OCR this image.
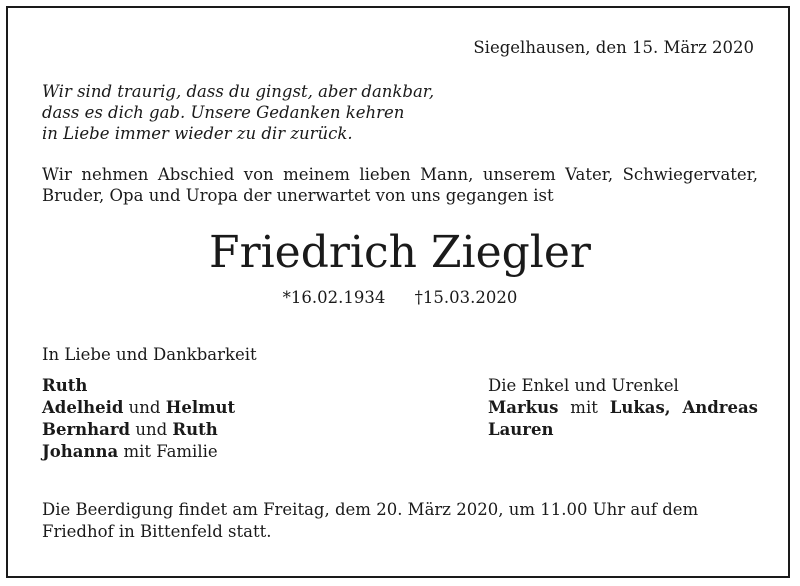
Siegelhausen, den 15. März 2020
Wir sind traurig, dass du gingst, aber dankbar,
dass es dich gab. Unsere Gedanken kehren
in Liebe immer wieder zu dir zurück.
Wir nehmen Abschied von meinem lieben Mann, unserem Vater, Schwiegervater,
Bruder, Opa und Uropa der unerwartet von uns gegangen ist
Friedrich Ziegler
*16.02.1934 †15.03.2020
In Liebe und Dankbarkeit
Ruth
Adelheid und Helmut
Bernhard und Ruth
Johanna mit Familie
Die Enkel und Urenkel
Markus mit Lukas, Andreas
Lauren
Die Beerdigung findet am Freitag, dem 20. März 2020, um 11.00 Uhr auf dem
Friedhof in Bittenfeld statt.
